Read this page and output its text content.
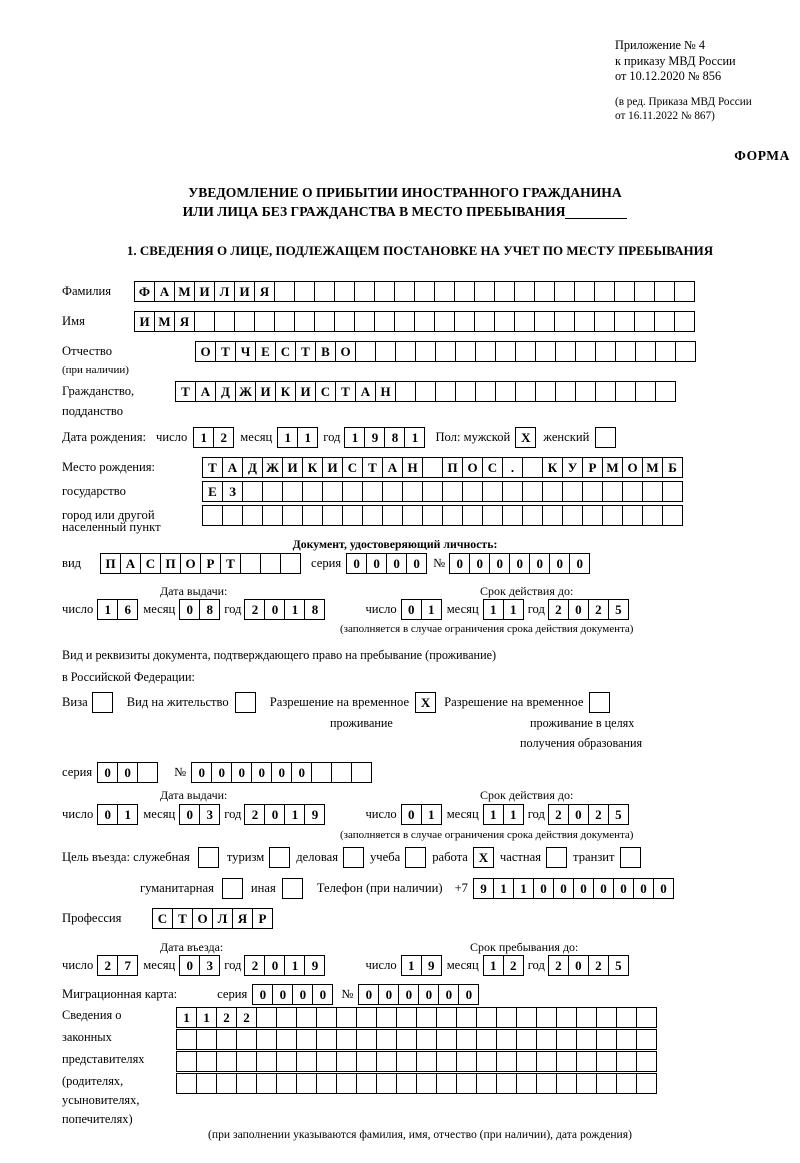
Приложение № 4
к приказу МВД России
от 10.12.2020 № 856
(в ред. Приказа МВД России
от 16.11.2022 № 867)
ФОРМА
УВЕДОМЛЕНИЕ О ПРИБЫТИИ ИНОСТРАННОГО ГРАЖДАНИНА
ИЛИ ЛИЦА БЕЗ ГРАЖДАНСТВА В МЕСТО ПРЕБЫВАНИЯ
1. СВЕДЕНИЯ О ЛИЦЕ, ПОДЛЕЖАЩЕМ ПОСТАНОВКЕ НА УЧЕТ ПО МЕСТУ ПРЕБЫВАНИЯ
Фамилия	Ф А М И Л И Я
Имя	И М Я
Отчество	О Т Ч Е С Т В О
(при наличии)
Гражданство,	Т А Д Ж И К И С Т А Н
подданство
Дата рождения: число	1	2	месяц 1	1 год 1	9	8	1	Пол: мужской Х	женский
Место рождения:	Т А Д Ж И К И С Т А Н	П О С	.	К У Р М О М Б
государство	Е З
город или другой
населенный пункт
Документ, удостоверяющий личность:
вид	П А С П О Р Т	серия 0	0	0	0	№ 0	0	0	0	0	0	0
Дата выдачи:	Срок действия до:
число 1	6 месяц 0	8 год 2	0	1	8	число 0	1 месяц 1	1 год 2	0	2	5
(заполняется в случае ограничения срока действия документа)
Вид и реквизиты документа, подтверждающего право на пребывание (проживание)
в Российской Федерации:
Виза	Вид на жительство	Разрешение на временное Х	Разрешение на временное
проживание	проживание в целях
получения образования
серия 0	0	№ 0	0	0	0	0	0
Дата выдачи:	Срок действия до:
число 0	1 месяц 0	3 год 2	0	1	9	число 0	1 месяц 1	1 год 2	0	2	5
(заполняется в случае ограничения срока действия документа)
Цель въезда: служебная	туризм	деловая	учеба	работа Х частная	транзит
гуманитарная	иная	Телефон (при наличии) +7 9	1	1	0	0	0	0	0	0	0
Профессия	С Т О Л Я Р
Дата въезда:	Срок пребывания до:
число 2	7 месяц 0	3 год 2	0	1	9	число 1	9 месяц 1	2 год 2	0	2	5
Миграционная карта:	серия 0	0	0	0	№ 0	0	0	0	0	0
Сведения о
законных
представителях
(родителях,
усыновителях,
попечителях)
1	1	2	2
(при заполнении указываются фамилия, имя, отчество (при наличии), дата рождения)
